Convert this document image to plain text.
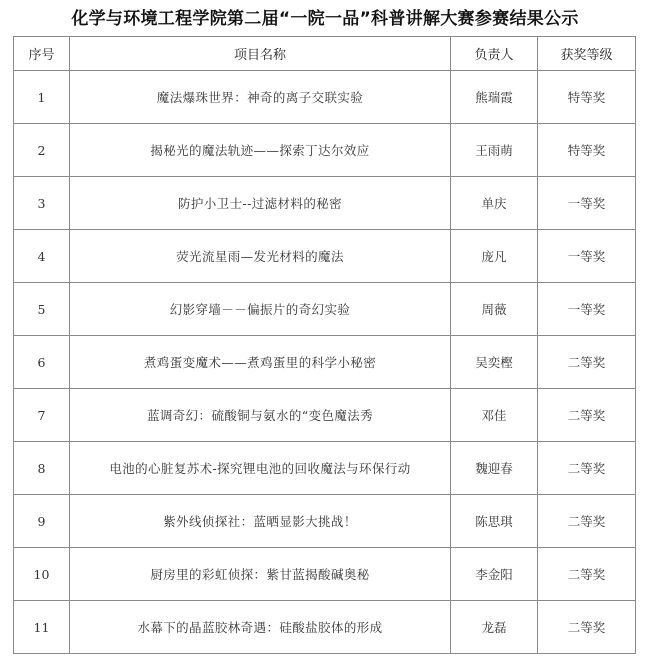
化学与环境工程学院第二届“一院一品”科普讲解大赛参赛结果公示
序号	项目名称	负责人	获奖等级
1	魔法爆珠世界：神奇的离子交联实验	熊瑞霞	特等奖
2	揭秘光的魔法轨迹——探索丁达尔效应	王雨萌	特等奖
3	防护小卫士--过滤材料的秘密	单庆	一等奖
4	荧光流星雨—发光材料的魔法	庞凡	一等奖
5	幻影穿墙－－偏振片的奇幻实验	周薇	一等奖
6	煮鸡蛋变魔术——煮鸡蛋里的科学小秘密	吴奕樫	二等奖
7	蓝调奇幻：硫酸铜与氨水的“变色魔法秀	邓佳	二等奖
8	电池的心脏复苏术-探究锂电池的回收魔法与环保行动	魏迎春	二等奖
9	紫外线侦探社：蓝晒显影大挑战！	陈思琪	二等奖
10	厨房里的彩虹侦探：紫甘蓝揭酸碱奥秘	李金阳	二等奖
11	水幕下的晶蓝胶林奇遇：硅酸盐胶体的形成	龙磊	二等奖
